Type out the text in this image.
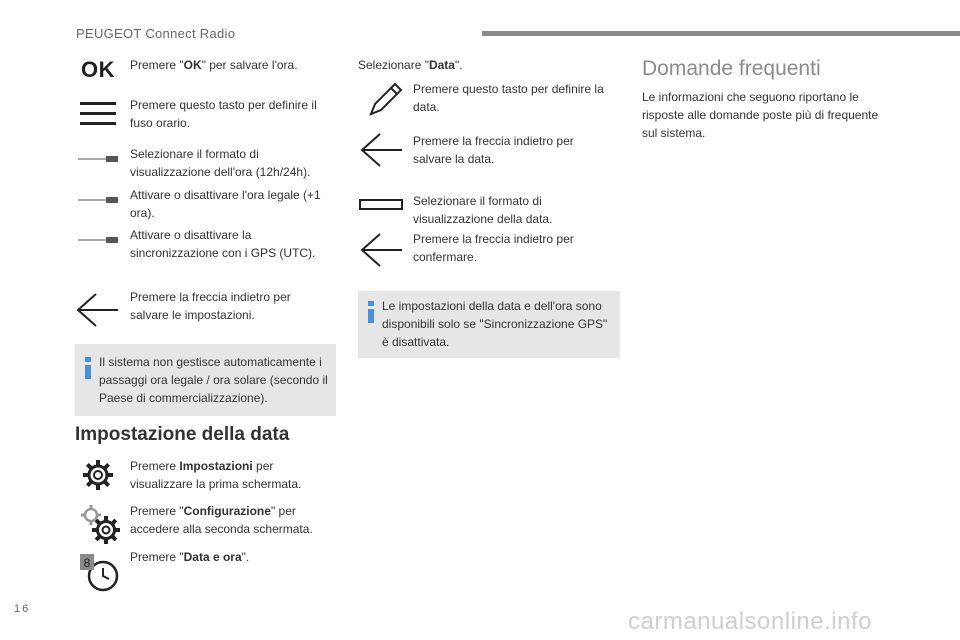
PEUGEOT Connect Radio
OK Premere "OK" per salvare l'ora.
Premere questo tasto per definire il fuso orario.
Selezionare il formato di visualizzazione dell'ora (12h/24h).
Attivare o disattivare l'ora legale (+1 ora).
Attivare o disattivare la sincronizzazione con i GPS (UTC).
Premere la freccia indietro per salvare le impostazioni.
Il sistema non gestisce automaticamente i passaggi ora legale / ora solare (secondo il Paese di commercializzazione).
Impostazione della data
Premere Impostazioni per visualizzare la prima schermata.
Premere "Configurazione" per accedere alla seconda schermata.
8	Premere "Data e ora".
Selezionare "Data".
Premere questo tasto per definire la data.
Premere la freccia indietro per salvare la data.
Selezionare il formato di visualizzazione della data.
Premere la freccia indietro per confermare.
Le impostazioni della data e dell'ora sono disponibili solo se "Sincronizzazione GPS" è disattivata.
Domande frequenti
Le informazioni che seguono riportano le risposte alle domande poste più di frequente sul sistema.
16	carmanualsonline.info
